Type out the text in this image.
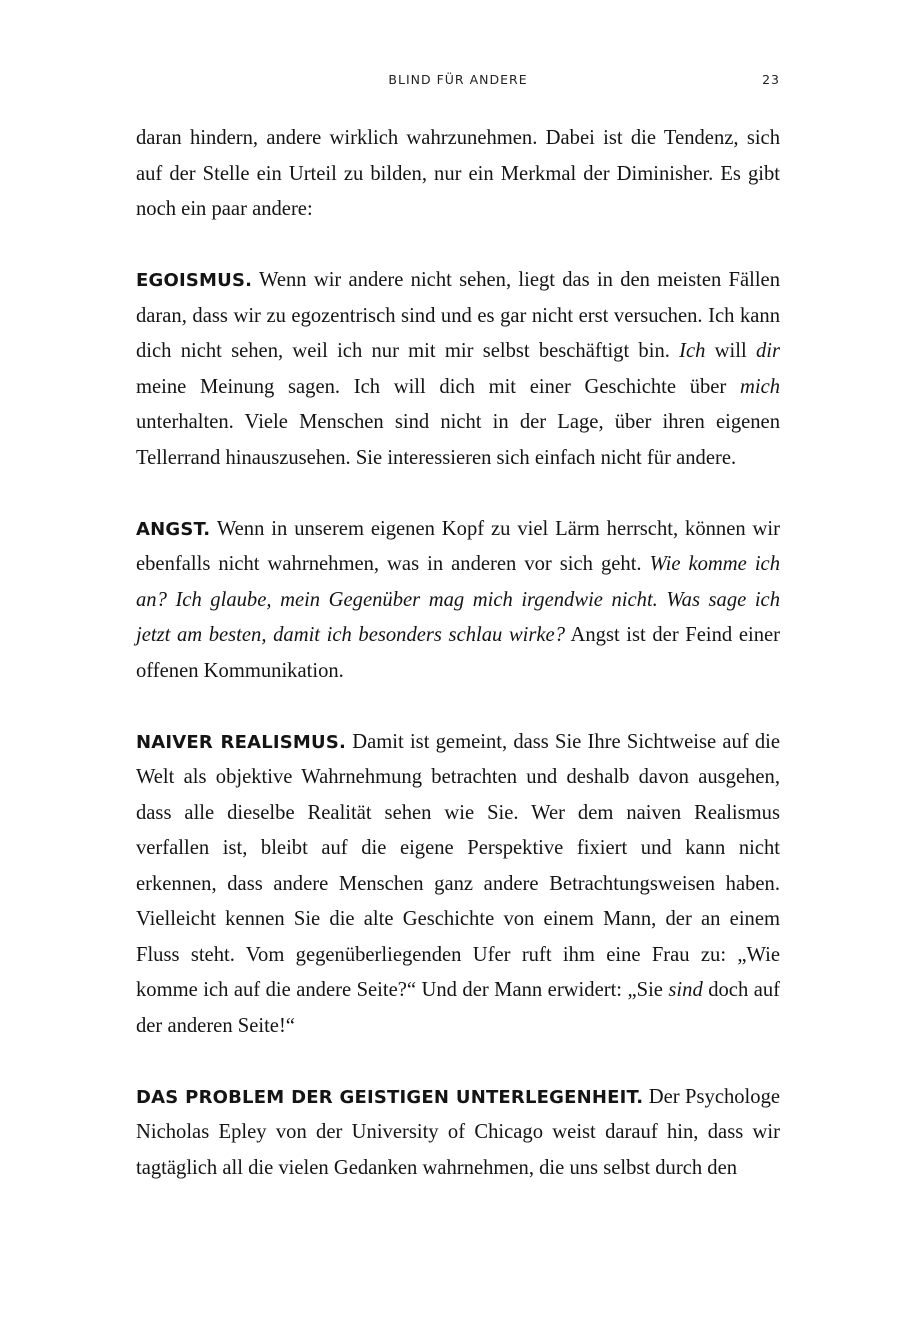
BLIND FÜR ANDERE	23

daran hindern, andere wirklich wahrzunehmen. Dabei ist die Tendenz, sich auf der Stelle ein Urteil zu bilden, nur ein Merkmal der Diminisher. Es gibt noch ein paar andere:

EGOISMUS. Wenn wir andere nicht sehen, liegt das in den meisten Fällen daran, dass wir zu egozentrisch sind und es gar nicht erst versuchen. Ich kann dich nicht sehen, weil ich nur mit mir selbst beschäftigt bin. Ich will dir meine Meinung sagen. Ich will dich mit einer Geschichte über mich unterhalten. Viele Menschen sind nicht in der Lage, über ihren eigenen Tellerrand hinauszusehen. Sie interessieren sich einfach nicht für andere.

ANGST. Wenn in unserem eigenen Kopf zu viel Lärm herrscht, können wir ebenfalls nicht wahrnehmen, was in anderen vor sich geht. Wie komme ich an? Ich glaube, mein Gegenüber mag mich irgendwie nicht. Was sage ich jetzt am besten, damit ich besonders schlau wirke? Angst ist der Feind einer offenen Kommunikation.

NAIVER REALISMUS. Damit ist gemeint, dass Sie Ihre Sichtweise auf die Welt als objektive Wahrnehmung betrachten und deshalb davon ausgehen, dass alle dieselbe Realität sehen wie Sie. Wer dem naiven Realismus verfallen ist, bleibt auf die eigene Perspektive fixiert und kann nicht erkennen, dass andere Menschen ganz andere Betrachtungsweisen haben. Vielleicht kennen Sie die alte Geschichte von einem Mann, der an einem Fluss steht. Vom gegenüberliegenden Ufer ruft ihm eine Frau zu: „Wie komme ich auf die andere Seite?“ Und der Mann erwidert: „Sie sind doch auf der anderen Seite!“

DAS PROBLEM DER GEISTIGEN UNTERLEGENHEIT. Der Psychologe Nicholas Epley von der University of Chicago weist darauf hin, dass wir tagtäglich all die vielen Gedanken wahrnehmen, die uns selbst durch den
